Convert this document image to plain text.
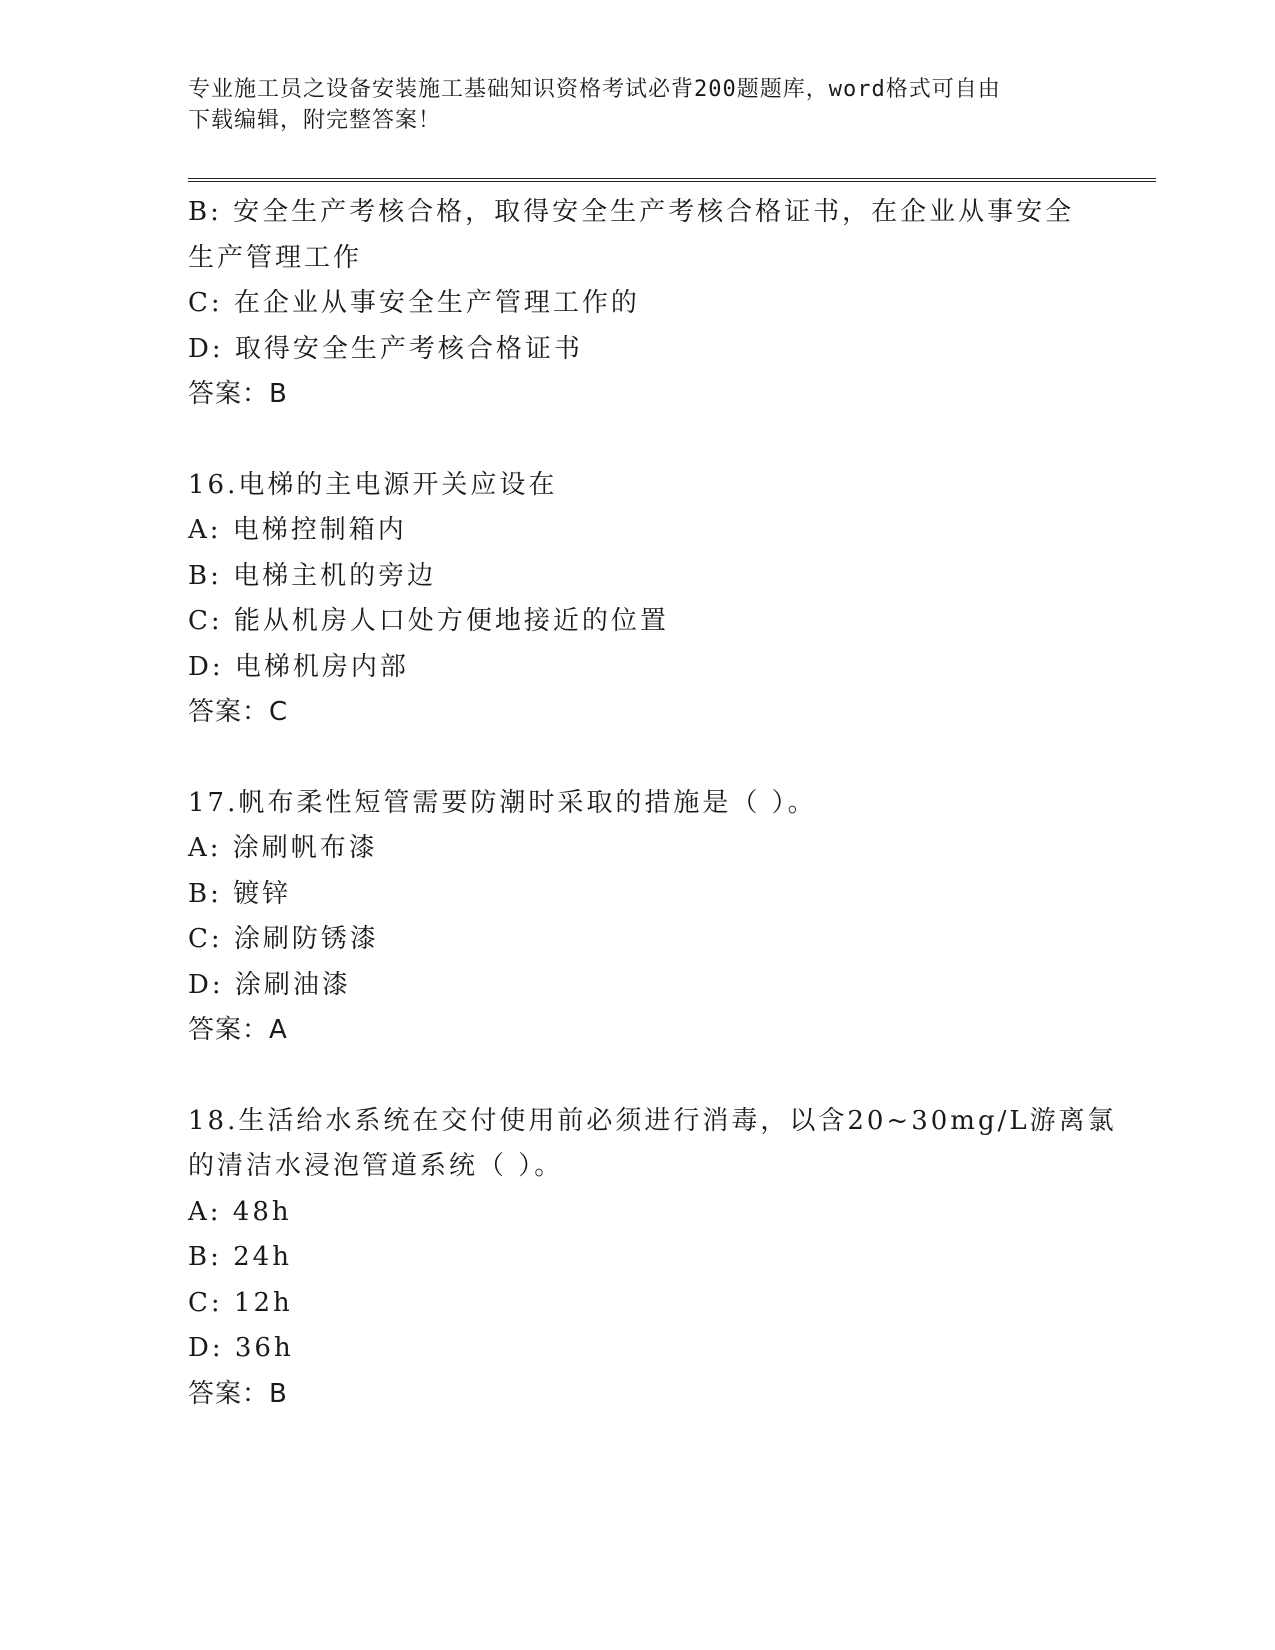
专业施工员之设备安装施工基础知识资格考试必背200题题库，word格式可自由
下载编辑，附完整答案！
B: 安全生产考核合格，取得安全生产考核合格证书，在企业从事安全
生产管理工作
C: 在企业从事安全生产管理工作的
D: 取得安全生产考核合格证书
答案：B
16.电梯的主电源开关应设在
A: 电梯控制箱内
B: 电梯主机的旁边
C: 能从机房人口处方便地接近的位置
D: 电梯机房内部
答案：C
17.帆布柔性短管需要防潮时采取的措施是（ ）。
A: 涂刷帆布漆
B: 镀锌
C: 涂刷防锈漆
D: 涂刷油漆
答案：A
18.生活给水系统在交付使用前必须进行消毒，以含20~30mg/L游离氯
的清洁水浸泡管道系统（ ）。
A: 48h
B: 24h
C: 12h
D: 36h
答案：B
